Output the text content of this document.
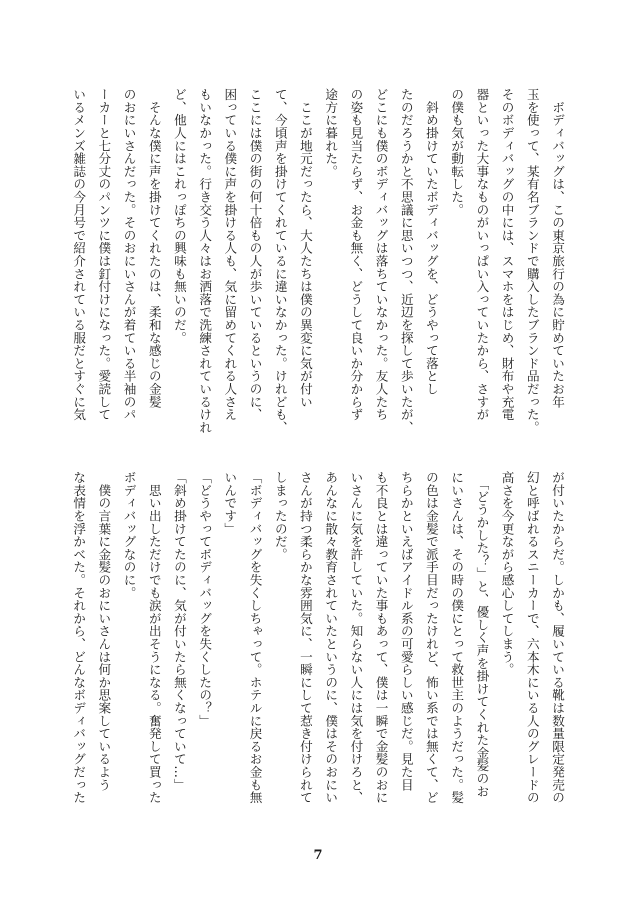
　ボディバッグは、この東京旅行の為に貯めていたお年
玉を使って、某有名ブランドで購入したブランド品だった。
そのボディバッグの中には、スマホをはじめ、財布や充電
器といった大事なものがいっぱい入っていたから、さすが
の僕も気が動転した。
　斜め掛けていたボディバッグを、どうやって落とし
たのだろうかと不思議に思いつつ、近辺を探して歩いたが、
どこにも僕のボディバッグは落ちていなかった。友人たち
の姿も見当たらず、お金も無く、どうして良いか分からず
途方に暮れた。
　ここが地元だったら、大人たちは僕の異変に気が付い
て、今頃声を掛けてくれているに違いなかった。けれども、
ここには僕の街の何十倍もの人が歩いているというのに、
困っている僕に声を掛ける人も、気に留めてくれる人さえ
もいなかった。行き交う人々はお洒落で洗練されているけれ
ど、他人にはこれっぽちの興味も無いのだ。
　そんな僕に声を掛けてくれたのは、柔和な感じの金髪
のおにいさんだった。そのおにいさんが着ている半袖のパ
ーカーと七分丈のパンツに僕は釘付けになった。愛読して
いるメンズ雑誌の今月号で紹介されている服だとすぐに気
が付いたからだ。しかも、履いている靴は数量限定発売の
幻と呼ばれるスニーカーで、六本木にいる人のグレードの
高さを今更ながら感心してしまう。
　「どうかした？」と、優しく声を掛けてくれた金髪のお
にいさんは、その時の僕にとって救世主のようだった。髪
の色は金髪で派手目だったけれど、怖い系では無くて、ど
ちらかといえばアイドル系の可愛らしい感じだ。見た目
も不良とは違っていた事もあって、僕は一瞬で金髪のおに
いさんに気を許していた。知らない人には気を付けろと、
あんなに散々教育されていたというのに、僕はそのおにい
さんが持つ柔らかな雰囲気に、一瞬にして惹き付けられて
しまったのだ。
「ボディバッグを失くしちゃって。ホテルに戻るお金も無
いんです」
「どうやってボディバッグを失くしたの？」
「斜め掛けてたのに、気が付いたら無くなっていて…」
　思い出しただけでも涙が出そうになる。奮発して買った
ボディバッグなのに。
　僕の言葉に金髪のおにいさんは何か思案しているよう
な表情を浮かべた。それから、どんなボディバッグだった
7
